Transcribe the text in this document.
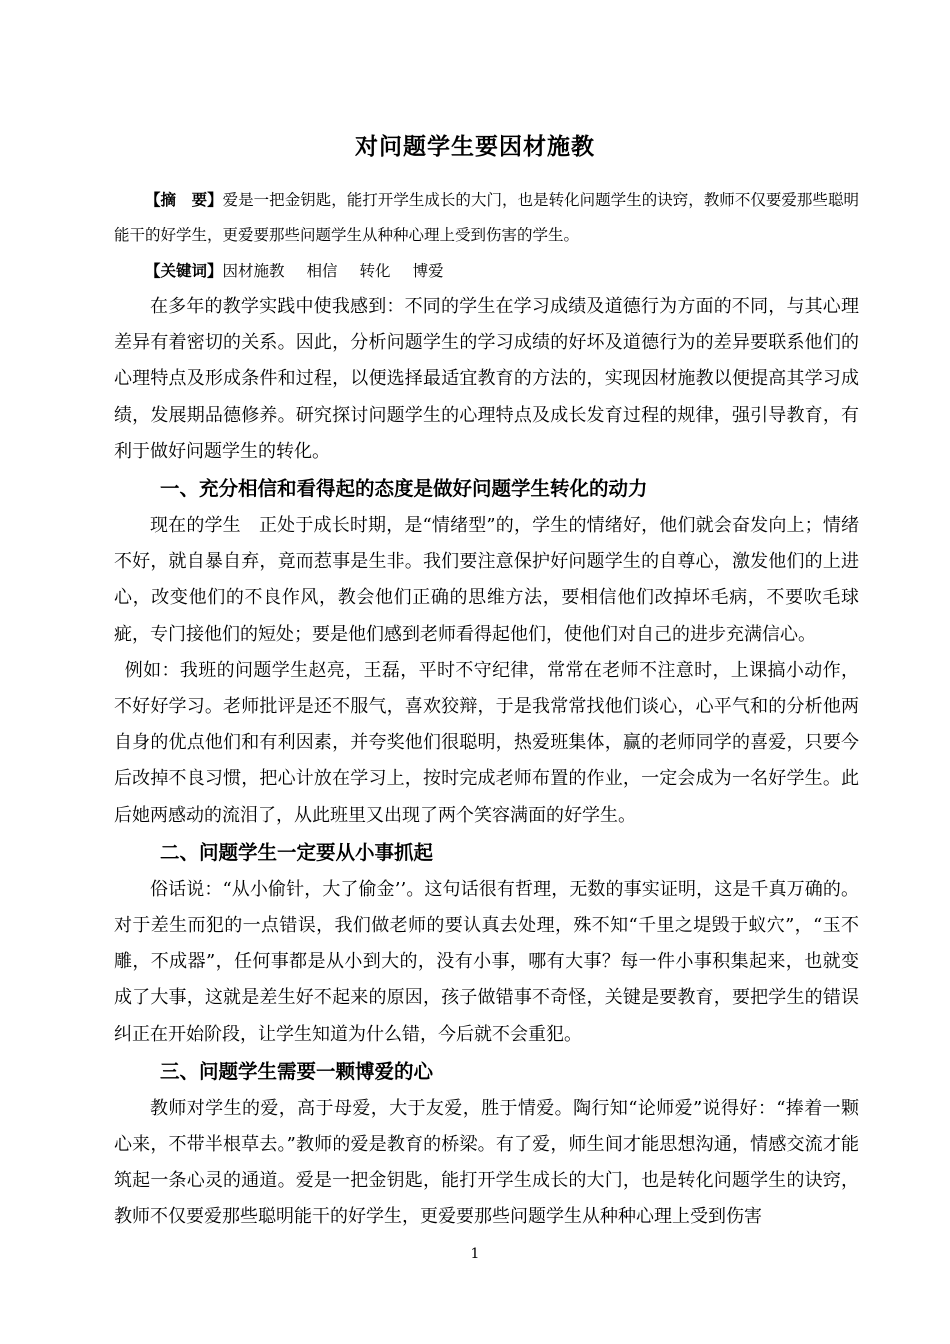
对问题学生要因材施教

【摘　要】爱是一把金钥匙，能打开学生成长的大门，也是转化问题学生的诀窍，教师不仅要爱那些聪明能干的好学生，更爱要那些问题学生从种种心理上受到伤害的学生。

【关键词】因材施教 相信 转化 博爱

在多年的教学实践中使我感到：不同的学生在学习成绩及道德行为方面的不同，与其心理差异有着密切的关系。因此，分析问题学生的学习成绩的好坏及道德行为的差异要联系他们的心理特点及形成条件和过程，以便选择最适宜教育的方法的，实现因材施教以便提高其学习成绩，发展期品德修养。研究探讨问题学生的心理特点及成长发育过程的规律，强引导教育，有利于做好问题学生的转化。

一、充分相信和看得起的态度是做好问题学生转化的动力

现在的学生　正处于成长时期，是“情绪型”的，学生的情绪好，他们就会奋发向上；情绪不好，就自暴自弃，竟而惹事是生非。我们要注意保护好问题学生的自尊心，激发他们的上进心，改变他们的不良作风，教会他们正确的思维方法，要相信他们改掉坏毛病，不要吹毛球疵，专门接他们的短处；要是他们感到老师看得起他们，使他们对自己的进步充满信心。

例如：我班的问题学生赵亮，王磊，平时不守纪律，常常在老师不注意时，上课搞小动作，不好好学习。老师批评是还不服气，喜欢狡辩，于是我常常找他们谈心，心平气和的分析他两自身的优点他们和有利因素，并夸奖他们很聪明，热爱班集体，赢的老师同学的喜爱，只要今后改掉不良习惯，把心计放在学习上，按时完成老师布置的作业，一定会成为一名好学生。此后她两感动的流泪了，从此班里又出现了两个笑容满面的好学生。

二、问题学生一定要从小事抓起

俗话说：“从小偷针，大了偷金’’。这句话很有哲理，无数的事实证明，这是千真万确的。对于差生而犯的一点错误，我们做老师的要认真去处理，殊不知“千里之堤毁于蚁穴”，“玉不雕，不成器”，任何事都是从小到大的，没有小事，哪有大事？每一件小事积集起来，也就变成了大事，这就是差生好不起来的原因，孩子做错事不奇怪，关键是要教育，要把学生的错误纠正在开始阶段，让学生知道为什么错，今后就不会重犯。

三、问题学生需要一颗博爱的心

教师对学生的爱，高于母爱，大于友爱，胜于情爱。陶行知“论师爱”说得好：“捧着一颗心来，不带半根草去。”教师的爱是教育的桥梁。有了爱，师生间才能思想沟通，情感交流才能筑起一条心灵的通道。爱是一把金钥匙，能打开学生成长的大门，也是转化问题学生的诀窍，教师不仅要爱那些聪明能干的好学生，更爱要那些问题学生从种种心理上受到伤害

1
